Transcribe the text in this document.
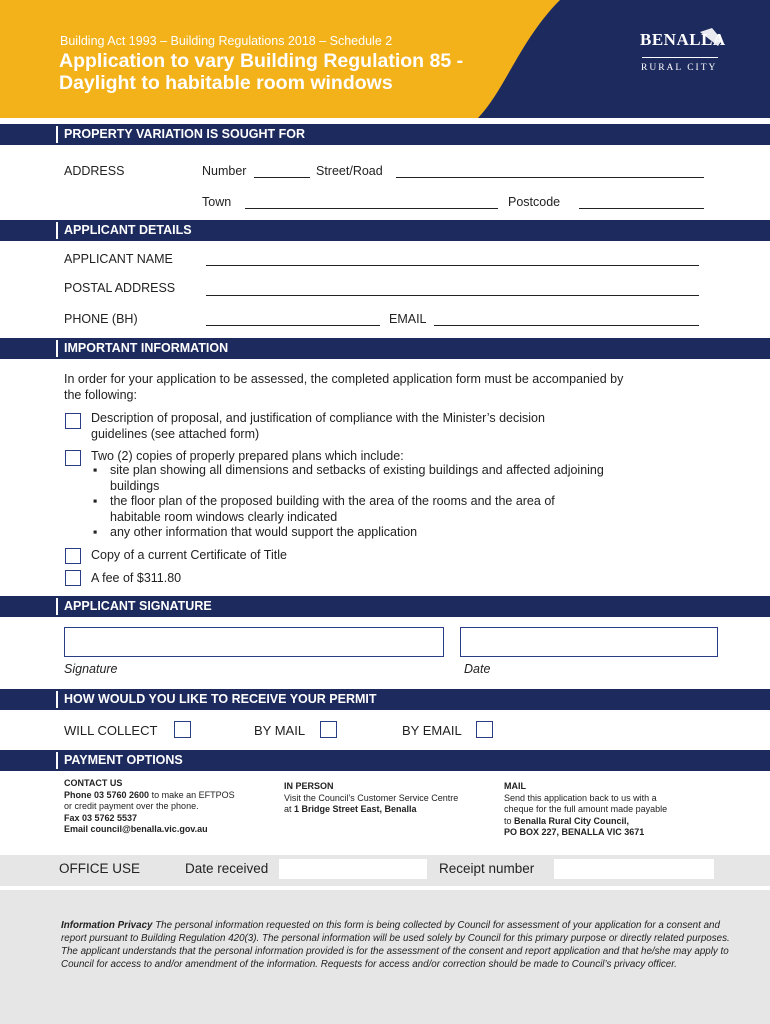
Building Act 1993 – Building Regulations 2018 – Schedule 2
Application to vary Building Regulation 85 -
Daylight to habitable room windows
BENALLA
RURAL CITY
PROPERTY VARIATION IS SOUGHT FOR
ADDRESS	Number	Street/Road
Town	Postcode
APPLICANT DETAILS
APPLICANT NAME
POSTAL ADDRESS
PHONE (BH)	EMAIL
IMPORTANT INFORMATION
In order for your application to be assessed, the completed application form must be accompanied by
the following:
Description of proposal, and justification of compliance with the Minister’s decision
guidelines (see attached form)
Two (2) copies of properly prepared plans which include:
▪ site plan showing all dimensions and setbacks of existing buildings and affected adjoining
buildings
▪ the floor plan of the proposed building with the area of the rooms and the area of
habitable room windows clearly indicated
▪ any other information that would support the application
Copy of a current Certificate of Title
A fee of $311.80
APPLICANT SIGNATURE
Signature	Date
HOW WOULD YOU LIKE TO RECEIVE YOUR PERMIT
WILL COLLECT	BY MAIL	BY EMAIL
PAYMENT OPTIONS
CONTACT US
Phone 03 5760 2600 to make an EFTPOS
or credit payment over the phone.
Fax 03 5762 5537
Email council@benalla.vic.gov.au
IN PERSON
Visit the Council’s Customer Service Centre
at 1 Bridge Street East, Benalla
MAIL
Send this application back to us with a
cheque for the full amount made payable
to Benalla Rural City Council,
PO BOX 227, BENALLA VIC 3671
OFFICE USE	Date received	Receipt number
Information Privacy The personal information requested on this form is being collected by Council for assessment of your application for a consent and report pursuant to Building Regulation 420(3). The personal information will be used solely by Council for this primary purpose or directly related purposes. The applicant understands that the personal information provided is for the assessment of the consent and report application and that he/she may apply to Council for access to and/or amendment of the information. Requests for access and/or correction should be made to Council’s privacy officer.
